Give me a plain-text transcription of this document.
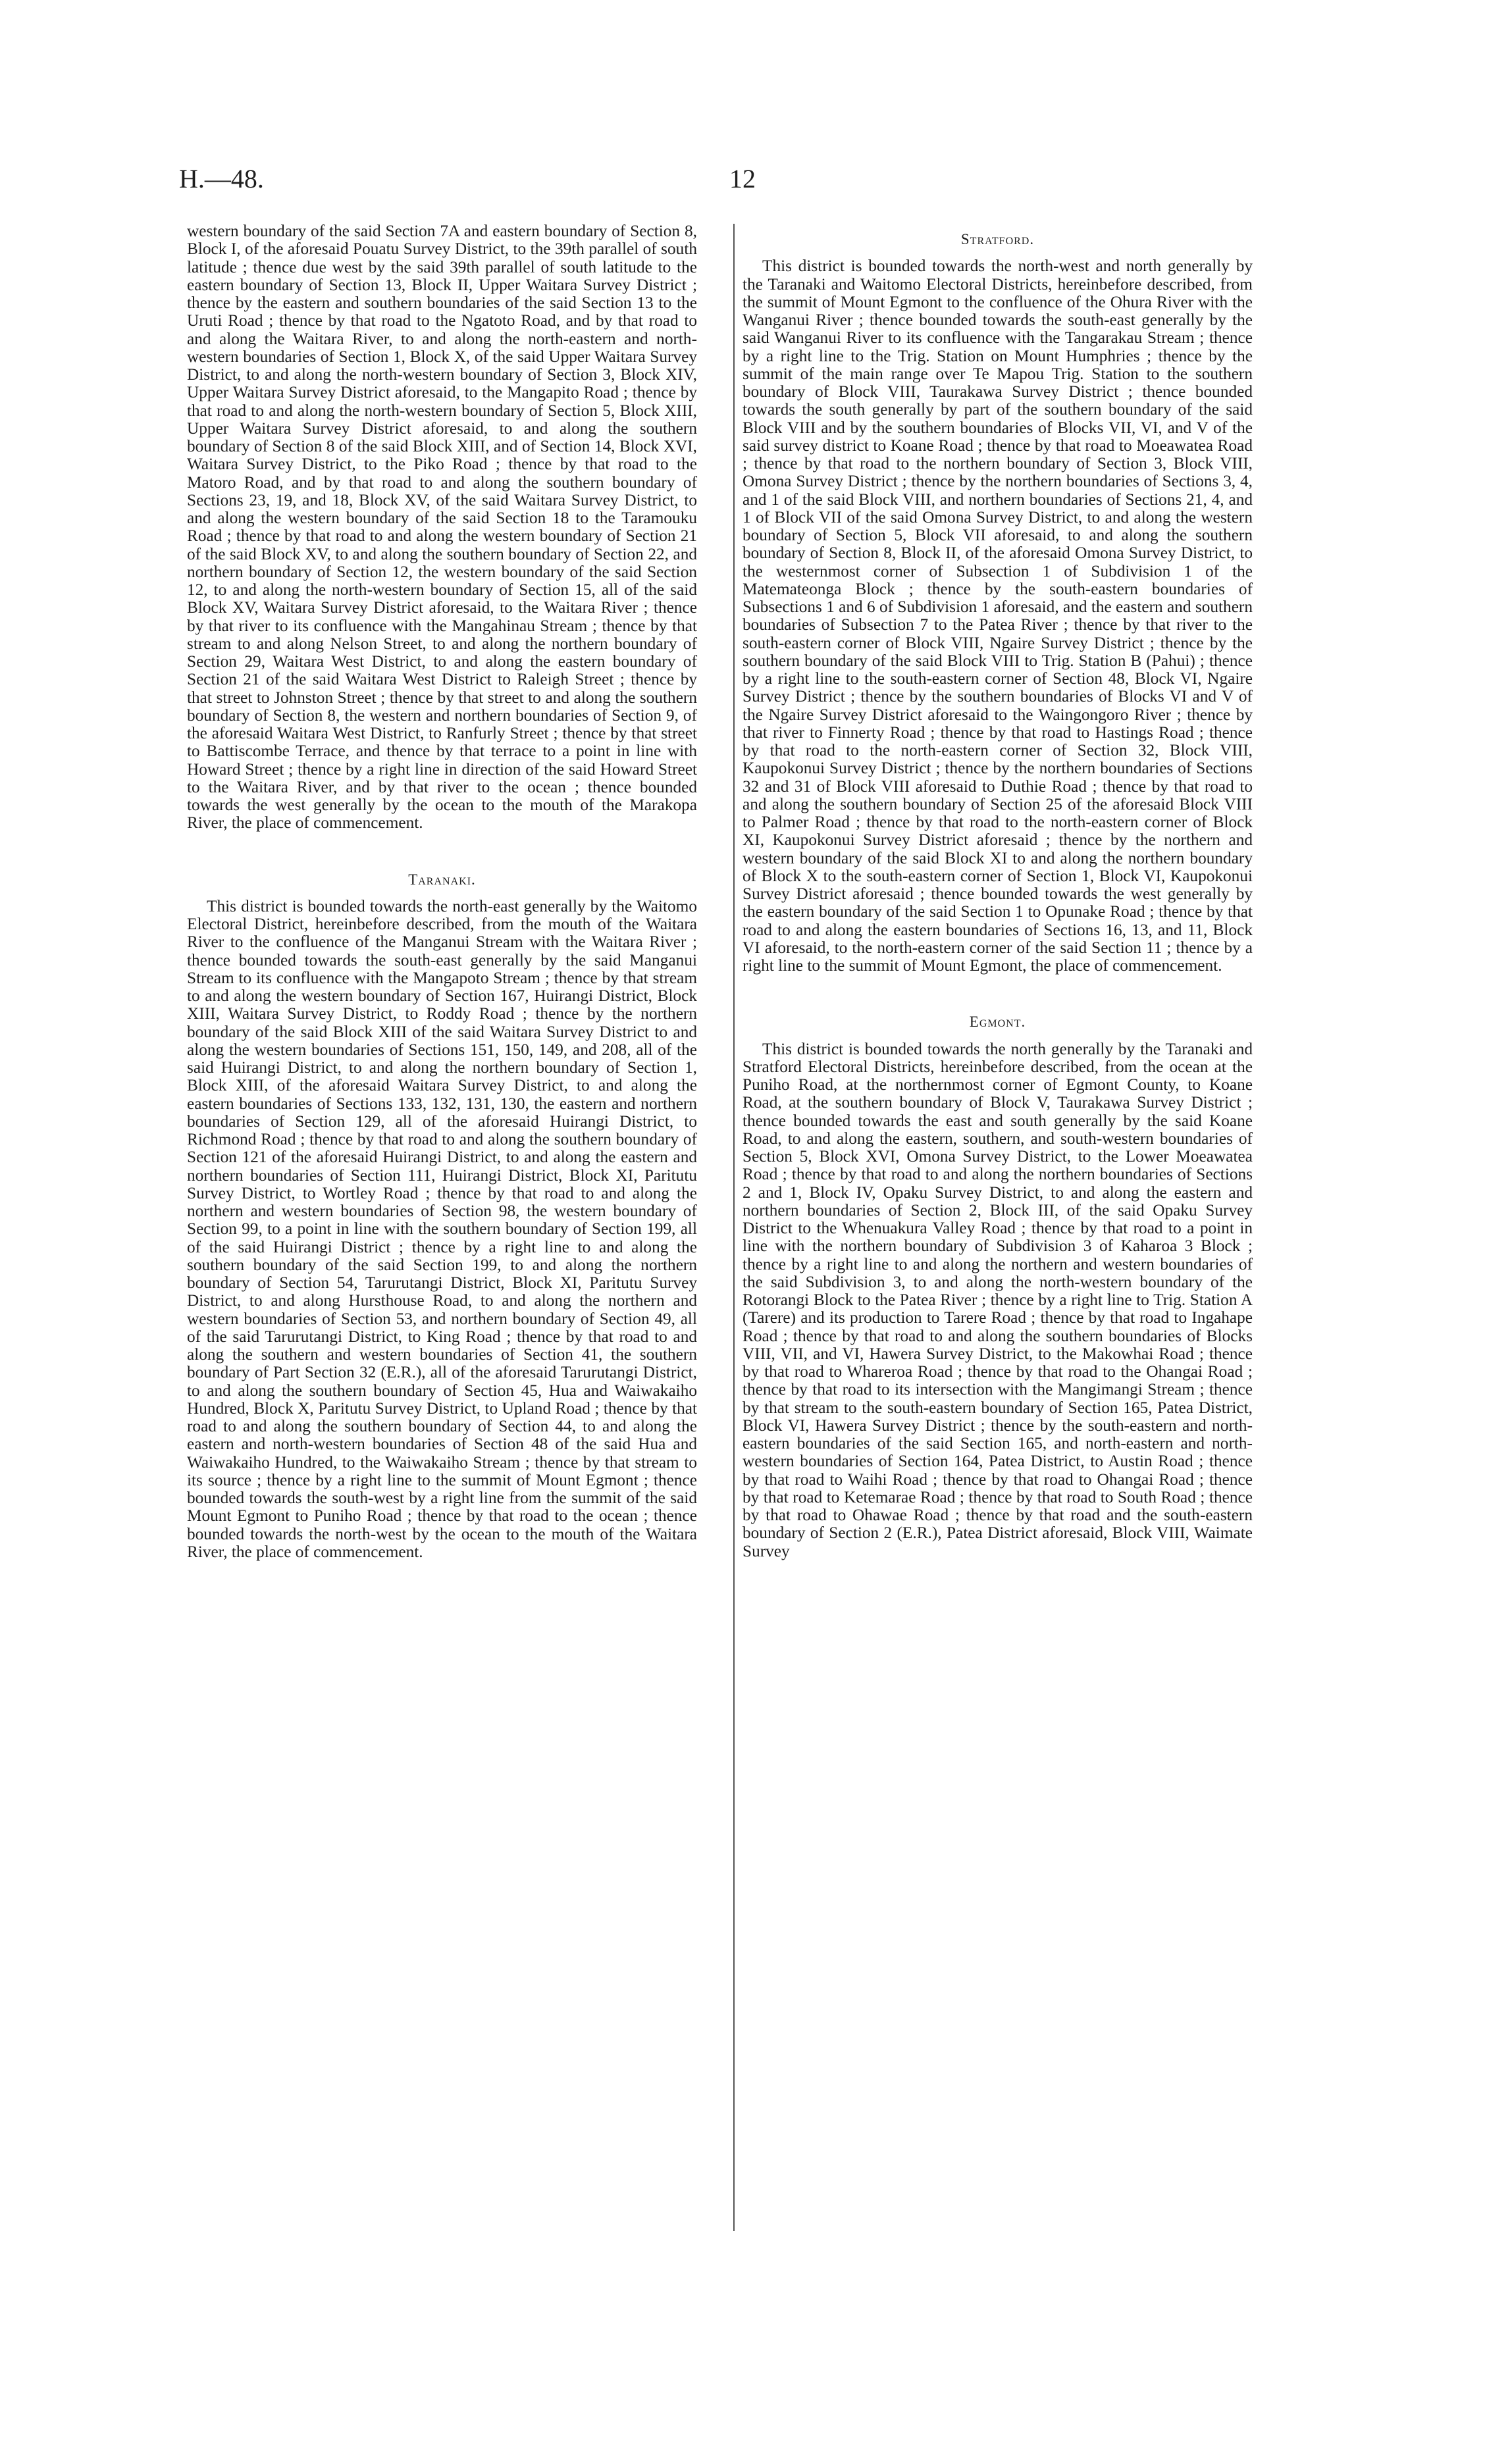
H.—48.	12

western boundary of the said Section 7A and eastern boundary of Section 8, Block I, of the aforesaid Pouatu Survey District, to the 39th parallel of south latitude ; thence due west by the said 39th parallel of south latitude to the eastern boundary of Section 13, Block II, Upper Waitara Survey District ; thence by the eastern and southern boundaries of the said Section 13 to the Uruti Road ; thence by that road to the Ngatoto Road, and by that road to and along the Waitara River, to and along the north-eastern and north-western boundaries of Section 1, Block X, of the said Upper Waitara Survey District, to and along the north-western boundary of Section 3, Block XIV, Upper Waitara Survey District aforesaid, to the Mangapito Road ; thence by that road to and along the north-western boundary of Section 5, Block XIII, Upper Waitara Survey District aforesaid, to and along the southern boundary of Section 8 of the said Block XIII, and of Section 14, Block XVI, Waitara Survey District, to the Piko Road ; thence by that road to the Matoro Road, and by that road to and along the southern boundary of Sections 23, 19, and 18, Block XV, of the said Waitara Survey District, to and along the western boundary of the said Section 18 to the Taramouku Road ; thence by that road to and along the western boundary of Section 21 of the said Block XV, to and along the southern boundary of Section 22, and northern boundary of Section 12, the western boundary of the said Section 12, to and along the north-western boundary of Section 15, all of the said Block XV, Waitara Survey District aforesaid, to the Waitara River ; thence by that river to its confluence with the Mangahinau Stream ; thence by that stream to and along Nelson Street, to and along the northern boundary of Section 29, Waitara West District, to and along the eastern boundary of Section 21 of the said Waitara West District to Raleigh Street ; thence by that street to Johnston Street ; thence by that street to and along the southern boundary of Section 8, the western and northern boundaries of Section 9, of the aforesaid Waitara West District, to Ranfurly Street ; thence by that street to Battiscombe Terrace, and thence by that terrace to a point in line with Howard Street ; thence by a right line in direction of the said Howard Street to the Waitara River, and by that river to the ocean ; thence bounded towards the west generally by the ocean to the mouth of the Marakopa River, the place of commencement.

Taranaki.

This district is bounded towards the north-east generally by the Waitomo Electoral District, hereinbefore described, from the mouth of the Waitara River to the confluence of the Manganui Stream with the Waitara River ; thence bounded towards the south-east generally by the said Manganui Stream to its confluence with the Mangapoto Stream ; thence by that stream to and along the western boundary of Section 167, Huirangi District, Block XIII, Waitara Survey District, to Roddy Road ; thence by the northern boundary of the said Block XIII of the said Waitara Survey District to and along the western boundaries of Sections 151, 150, 149, and 208, all of the said Huirangi District, to and along the northern boundary of Section 1, Block XIII, of the aforesaid Waitara Survey District, to and along the eastern boundaries of Sections 133, 132, 131, 130, the eastern and northern boundaries of Section 129, all of the aforesaid Huirangi District, to Richmond Road ; thence by that road to and along the southern boundary of Section 121 of the aforesaid Huirangi District, to and along the eastern and northern boundaries of Section 111, Huirangi District, Block XI, Paritutu Survey District, to Wortley Road ; thence by that road to and along the northern and western boundaries of Section 98, the western boundary of Section 99, to a point in line with the southern boundary of Section 199, all of the said Huirangi District ; thence by a right line to and along the southern boundary of the said Section 199, to and along the northern boundary of Section 54, Tarurutangi District, Block XI, Paritutu Survey District, to and along Hursthouse Road, to and along the northern and western boundaries of Section 53, and northern boundary of Section 49, all of the said Tarurutangi District, to King Road ; thence by that road to and along the southern and western boundaries of Section 41, the southern boundary of Part Section 32 (E.R.), all of the aforesaid Tarurutangi District, to and along the southern boundary of Section 45, Hua and Waiwakaiho Hundred, Block X, Paritutu Survey District, to Upland Road ; thence by that road to and along the southern boundary of Section 44, to and along the eastern and north-western boundaries of Section 48 of the said Hua and Waiwakaiho Hundred, to the Waiwakaiho Stream ; thence by that stream to its source ; thence by a right line to the summit of Mount Egmont ; thence bounded towards the south-west by a right line from the summit of the said Mount Egmont to Puniho Road ; thence by that road to the ocean ; thence bounded towards the north-west by the ocean to the mouth of the Waitara River, the place of commencement.

Stratford.

This district is bounded towards the north-west and north generally by the Taranaki and Waitomo Electoral Districts, hereinbefore described, from the summit of Mount Egmont to the confluence of the Ohura River with the Wanganui River ; thence bounded towards the south-east generally by the said Wanganui River to its confluence with the Tangarakau Stream ; thence by a right line to the Trig. Station on Mount Humphries ; thence by the summit of the main range over Te Mapou Trig. Station to the southern boundary of Block VIII, Taurakawa Survey District ; thence bounded towards the south generally by part of the southern boundary of the said Block VIII and by the southern boundaries of Blocks VII, VI, and V of the said survey district to Koane Road ; thence by that road to Moeawatea Road ; thence by that road to the northern boundary of Section 3, Block VIII, Omona Survey District ; thence by the northern boundaries of Sections 3, 4, and 1 of the said Block VIII, and northern boundaries of Sections 21, 4, and 1 of Block VII of the said Omona Survey District, to and along the western boundary of Section 5, Block VII aforesaid, to and along the southern boundary of Section 8, Block II, of the aforesaid Omona Survey District, to the westernmost corner of Subsection 1 of Subdivision 1 of the Matemateonga Block ; thence by the south-eastern boundaries of Subsections 1 and 6 of Subdivision 1 aforesaid, and the eastern and southern boundaries of Subsection 7 to the Patea River ; thence by that river to the south-eastern corner of Block VIII, Ngaire Survey District ; thence by the southern boundary of the said Block VIII to Trig. Station B (Pahui) ; thence by a right line to the south-eastern corner of Section 48, Block VI, Ngaire Survey District ; thence by the southern boundaries of Blocks VI and V of the Ngaire Survey District aforesaid to the Waingongoro River ; thence by that river to Finnerty Road ; thence by that road to Hastings Road ; thence by that road to the north-eastern corner of Section 32, Block VIII, Kaupokonui Survey District ; thence by the northern boundaries of Sections 32 and 31 of Block VIII aforesaid to Duthie Road ; thence by that road to and along the southern boundary of Section 25 of the aforesaid Block VIII to Palmer Road ; thence by that road to the north-eastern corner of Block XI, Kaupokonui Survey District aforesaid ; thence by the northern and western boundary of the said Block XI to and along the northern boundary of Block X to the south-eastern corner of Section 1, Block VI, Kaupokonui Survey District aforesaid ; thence bounded towards the west generally by the eastern boundary of the said Section 1 to Opunake Road ; thence by that road to and along the eastern boundaries of Sections 16, 13, and 11, Block VI aforesaid, to the north-eastern corner of the said Section 11 ; thence by a right line to the summit of Mount Egmont, the place of commencement.

Egmont.

This district is bounded towards the north generally by the Taranaki and Stratford Electoral Districts, hereinbefore described, from the ocean at the Puniho Road, at the northernmost corner of Egmont County, to Koane Road, at the southern boundary of Block V, Taurakawa Survey District ; thence bounded towards the east and south generally by the said Koane Road, to and along the eastern, southern, and south-western boundaries of Section 5, Block XVI, Omona Survey District, to the Lower Moeawatea Road ; thence by that road to and along the northern boundaries of Sections 2 and 1, Block IV, Opaku Survey District, to and along the eastern and northern boundaries of Section 2, Block III, of the said Opaku Survey District to the Whenuakura Valley Road ; thence by that road to a point in line with the northern boundary of Subdivision 3 of Kaharoa 3 Block ; thence by a right line to and along the northern and western boundaries of the said Subdivision 3, to and along the north-western boundary of the Rotorangi Block to the Patea River ; thence by a right line to Trig. Station A (Tarere) and its production to Tarere Road ; thence by that road to Ingahape Road ; thence by that road to and along the southern boundaries of Blocks VIII, VII, and VI, Hawera Survey District, to the Makowhai Road ; thence by that road to Whareroa Road ; thence by that road to the Ohangai Road ; thence by that road to its intersection with the Mangimangi Stream ; thence by that stream to the south-eastern boundary of Section 165, Patea District, Block VI, Hawera Survey District ; thence by the south-eastern and north-eastern boundaries of the said Section 165, and north-eastern and north-western boundaries of Section 164, Patea District, to Austin Road ; thence by that road to Waihi Road ; thence by that road to Ohangai Road ; thence by that road to Ketemarae Road ; thence by that road to South Road ; thence by that road to Ohawae Road ; thence by that road and the south-eastern boundary of Section 2 (E.R.), Patea District aforesaid, Block VIII, Waimate Survey
